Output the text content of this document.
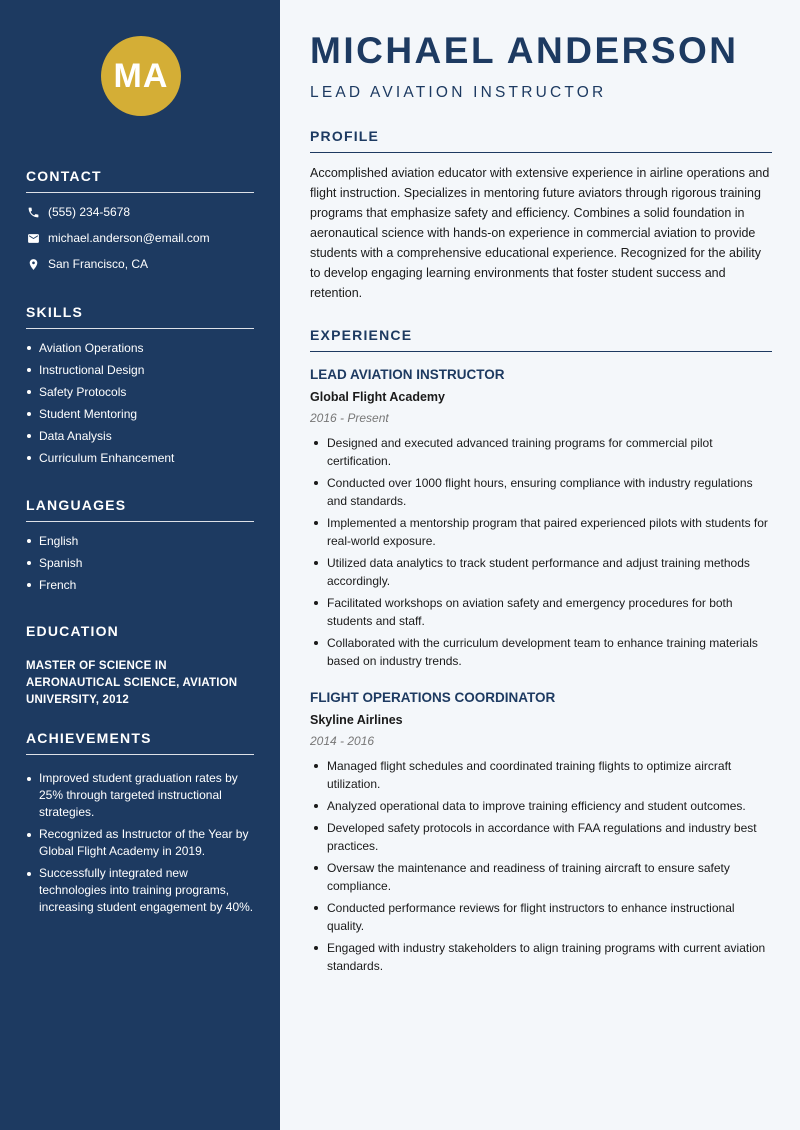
MA
CONTACT
(555) 234-5678
michael.anderson@email.com
San Francisco, CA
SKILLS
Aviation Operations
Instructional Design
Safety Protocols
Student Mentoring
Data Analysis
Curriculum Enhancement
LANGUAGES
English
Spanish
French
EDUCATION
MASTER OF SCIENCE IN AERONAUTICAL SCIENCE, AVIATION UNIVERSITY, 2012
ACHIEVEMENTS
Improved student graduation rates by 25% through targeted instructional strategies.
Recognized as Instructor of the Year by Global Flight Academy in 2019.
Successfully integrated new technologies into training programs, increasing student engagement by 40%.
MICHAEL ANDERSON
LEAD AVIATION INSTRUCTOR
PROFILE
Accomplished aviation educator with extensive experience in airline operations and flight instruction. Specializes in mentoring future aviators through rigorous training programs that emphasize safety and efficiency. Combines a solid foundation in aeronautical science with hands-on experience in commercial aviation to provide students with a comprehensive educational experience. Recognized for the ability to develop engaging learning environments that foster student success and retention.
EXPERIENCE
LEAD AVIATION INSTRUCTOR
Global Flight Academy
2016 - Present
Designed and executed advanced training programs for commercial pilot certification.
Conducted over 1000 flight hours, ensuring compliance with industry regulations and standards.
Implemented a mentorship program that paired experienced pilots with students for real-world exposure.
Utilized data analytics to track student performance and adjust training methods accordingly.
Facilitated workshops on aviation safety and emergency procedures for both students and staff.
Collaborated with the curriculum development team to enhance training materials based on industry trends.
FLIGHT OPERATIONS COORDINATOR
Skyline Airlines
2014 - 2016
Managed flight schedules and coordinated training flights to optimize aircraft utilization.
Analyzed operational data to improve training efficiency and student outcomes.
Developed safety protocols in accordance with FAA regulations and industry best practices.
Oversaw the maintenance and readiness of training aircraft to ensure safety compliance.
Conducted performance reviews for flight instructors to enhance instructional quality.
Engaged with industry stakeholders to align training programs with current aviation standards.
